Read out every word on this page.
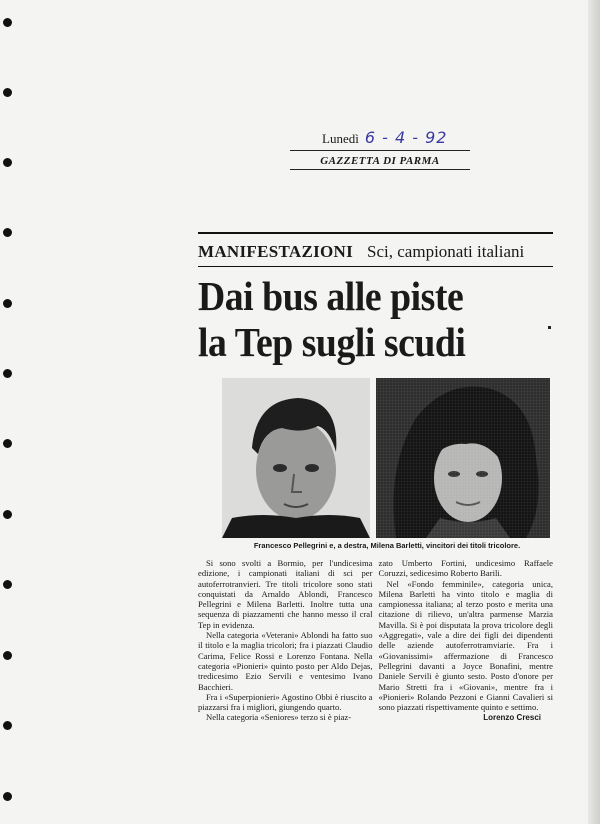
Lunedì 6 - 4 - 92
GAZZETTA DI PARMA
MANIFESTAZIONI Sci, campionati italiani
Dai bus alle piste
la Tep sugli scudi
Francesco Pellegrini e, a destra, Milena Barletti, vincitori dei titoli tricolore.

Si sono svolti a Bormio, per l'undicesima edizione, i campionati italiani di sci per autoferrotranvieri. Tre titoli tricolore sono stati conquistati da Arnaldo Ablondi, Francesco Pellegrini e Milena Barletti. Inoltre tutta una sequenza di piazzamenti che hanno messo il cral Tep in evidenza.

Nella categoria «Veterani» Ablondi ha fatto suo il titolo e la maglia tricolori; fra i piazzati Claudio Carima, Felice Rossi e Lorenzo Fontana. Nella categoria «Pionieri» quinto posto per Aldo Dejas, tredicesimo Ezio Servili e ventesimo Ivano Bacchieri.

Fra i «Superpionieri» Agostino Obbi è riuscito a piazzarsi fra i migliori, giungendo quarto.

Nella categoria «Seniores» terzo si è piaz-

zato Umberto Fortini, undicesimo Raffaele Coruzzi, sedicesimo Roberto Barili.

Nel «Fondo femminile», categoria unica, Milena Barletti ha vinto titolo e maglia di campionessa italiana; al terzo posto e merita una citazione di rilievo, un'altra parmense Marzia Mavilla. Si è poi disputata la prova tricolore degli «Aggregati», vale a dire dei figli dei dipendenti delle aziende autoferrotramviarie. Fra i «Giovanissimi» affermazione di Francesco Pellegrini davanti a Joyce Bonafini, mentre Daniele Servili è giunto sesto. Posto d'onore per Mario Stretti fra i «Giovani», mentre fra i «Pionieri» Rolando Pezzoni e Gianni Cavalieri si sono piazzati rispettivamente quinto e settimo.

Lorenzo Cresci
